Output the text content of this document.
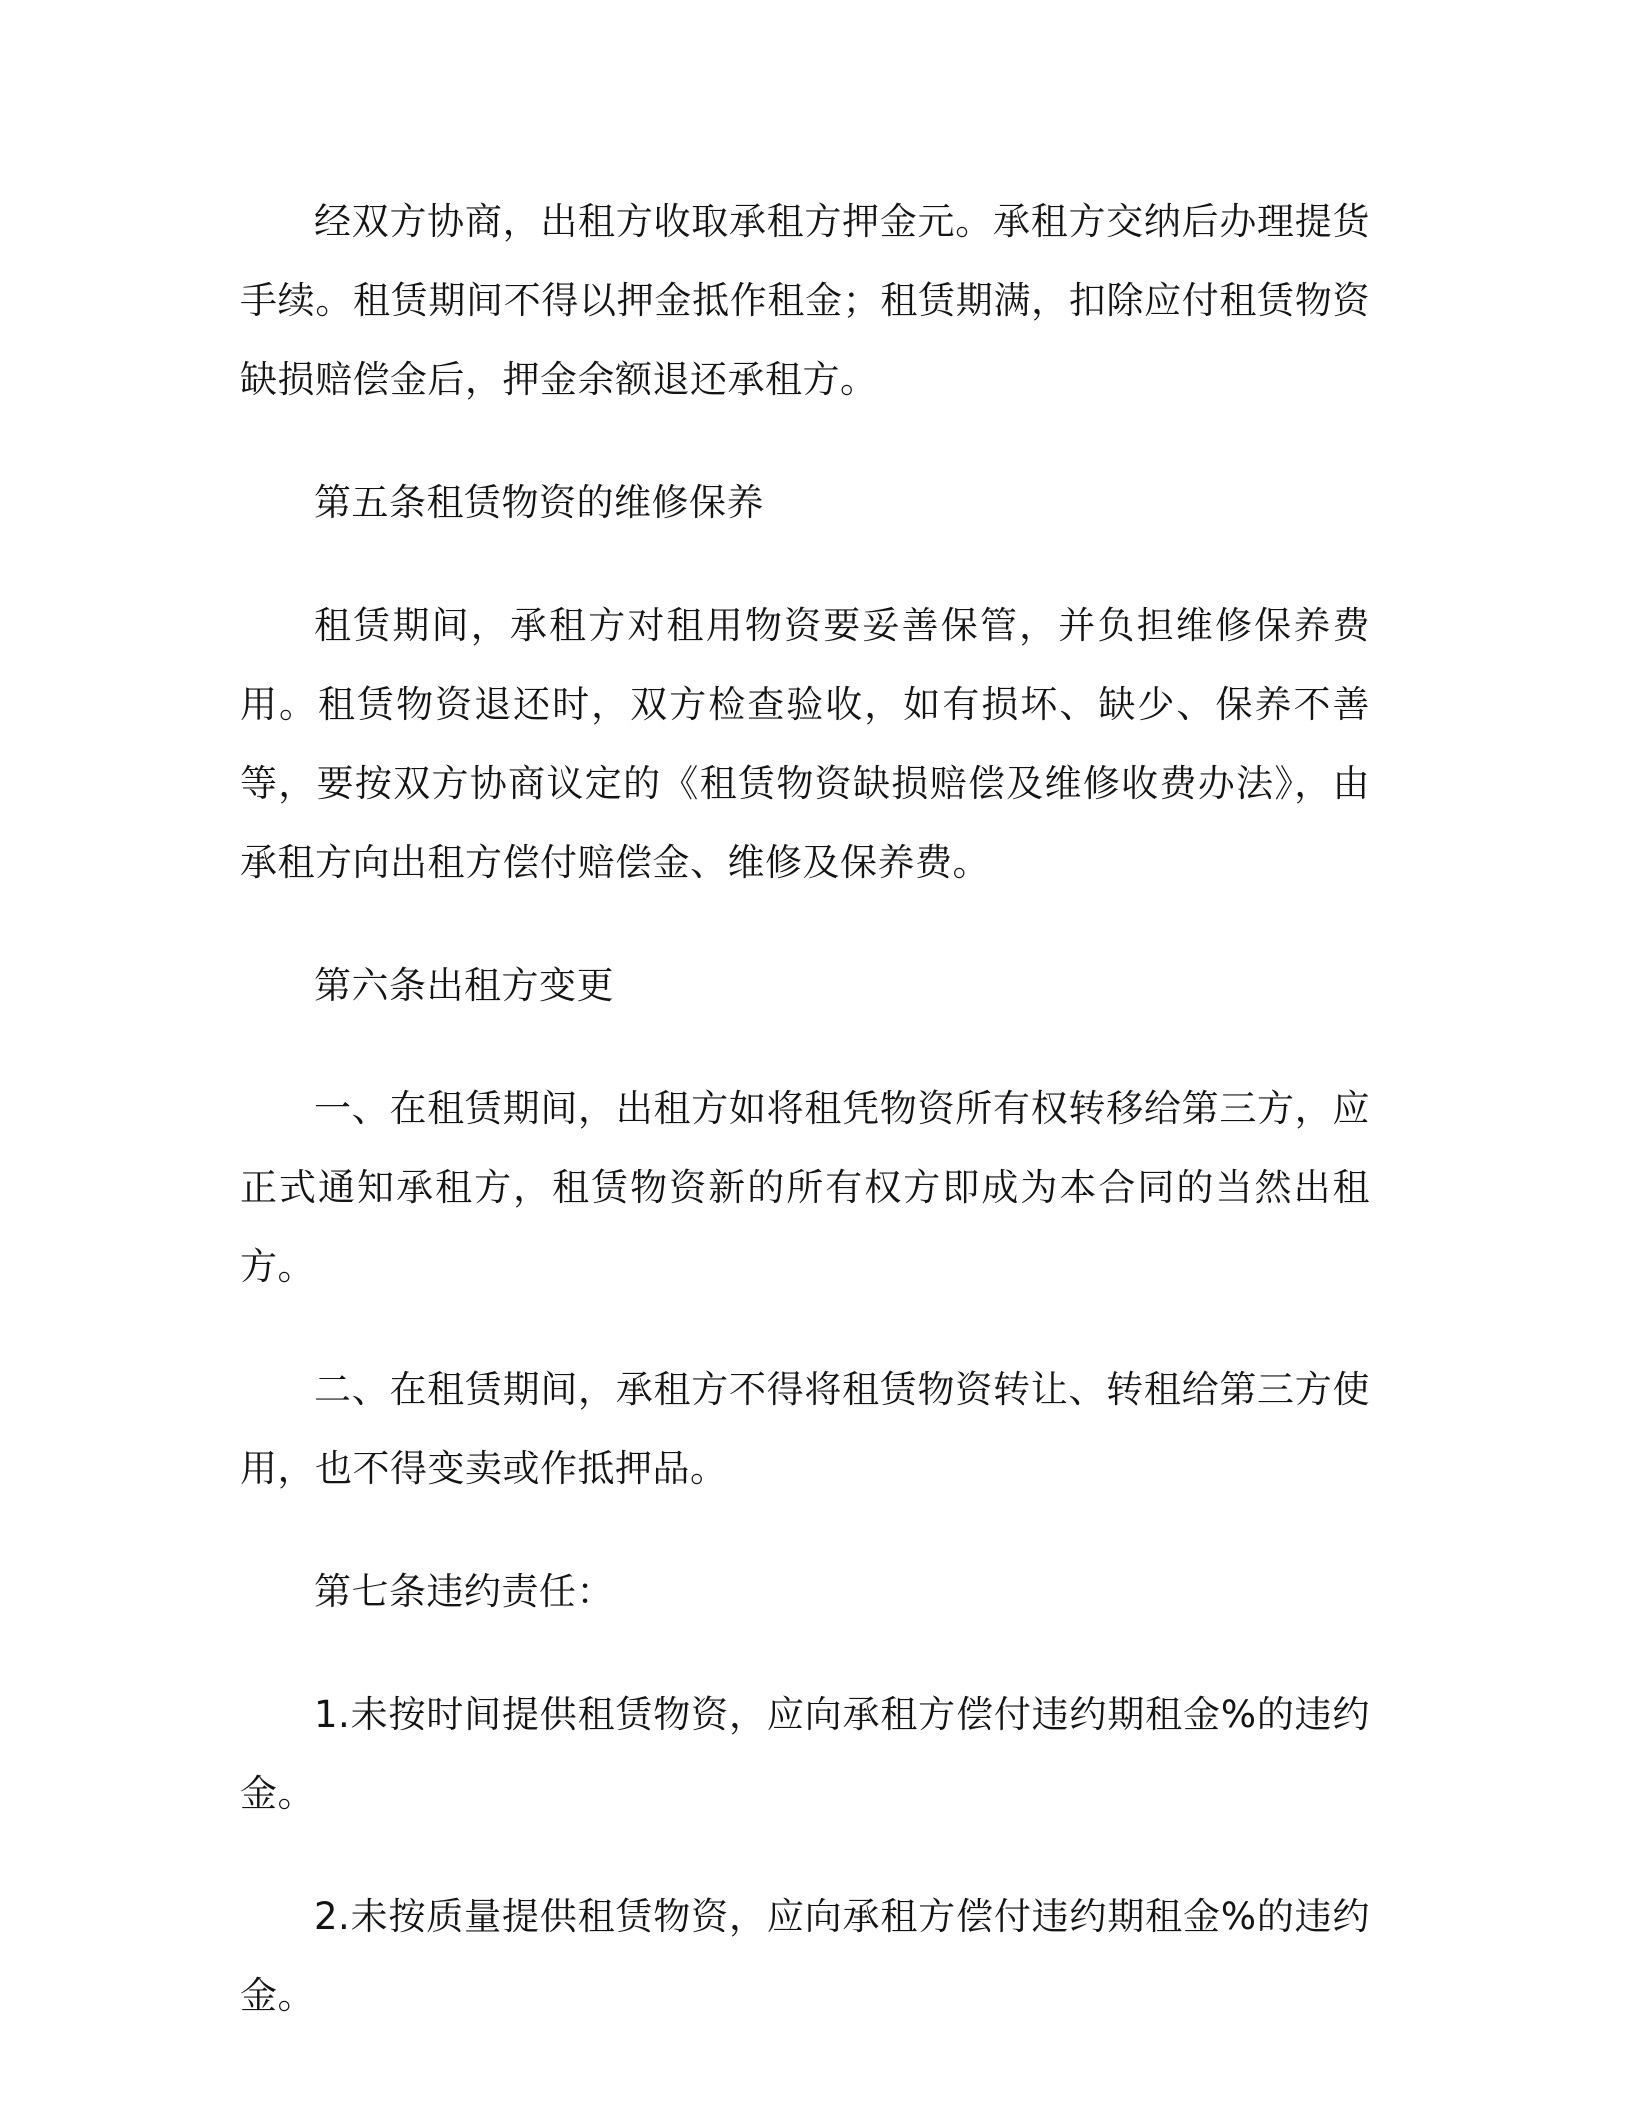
经双方协商，出租方收取承租方押金元。承租方交纳后办理提货手续。租赁期间不得以押金抵作租金；租赁期满，扣除应付租赁物资缺损赔偿金后，押金余额退还承租方。

第五条租赁物资的维修保养

租赁期间，承租方对租用物资要妥善保管，并负担维修保养费用。租赁物资退还时，双方检查验收，如有损坏、缺少、保养不善等，要按双方协商议定的《租赁物资缺损赔偿及维修收费办法》，由承租方向出租方偿付赔偿金、维修及保养费。

第六条出租方变更

一、在租赁期间，出租方如将租凭物资所有权转移给第三方，应正式通知承租方，租赁物资新的所有权方即成为本合同的当然出租方。

二、在租赁期间，承租方不得将租赁物资转让、转租给第三方使用，也不得变卖或作抵押品。

第七条违约责任：

1.未按时间提供租赁物资，应向承租方偿付违约期租金%的违约金。

2.未按质量提供租赁物资，应向承租方偿付违约期租金%的违约金。
